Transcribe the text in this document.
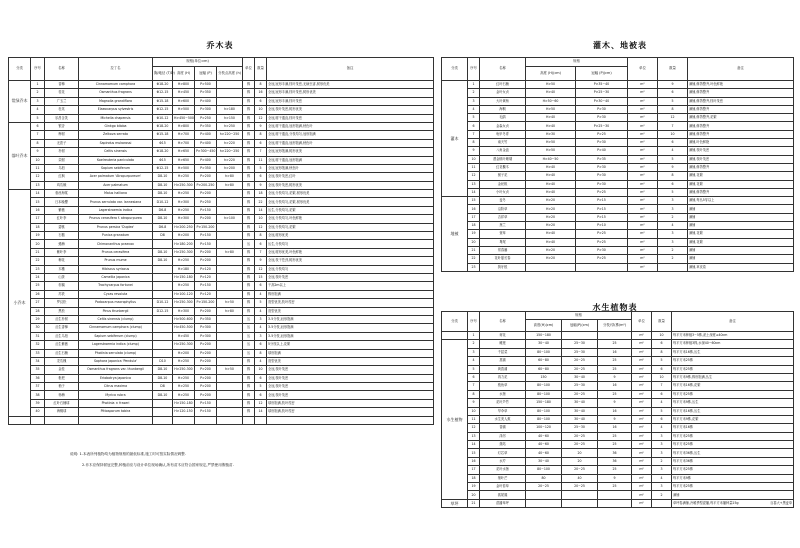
乔木表	灌木、地被表
水生植物表
分类	序号	名称	拉丁名	规格(单位:cm)				单位	数量	备注
				胸/地径 (T/D)	高度 (H)	冠幅 (P)	分枝点高度 (h)			
常绿乔木	1	香樟	Cinnamomum camphora	Φ18-20	H>800	P>500		株	8	全冠,冠形丰满,枝叶茂密,无病虫害,树形优美
	2	桂花	Osmanthus fragrans	Φ12-15	H>450	P>350		株	16	全冠,冠形丰满,枝叶茂密,树形优美
	3	广玉兰	Magnolia grandiflora	Φ15-18	H>600	P>400		株	6	全冠,冠形丰满,枝叶茂密
	4	杜英	Elaeocarpus sylvestris	Φ12-15	H>500	P>300	h>180	株	10	全冠,枝叶茂密,树形优美
	5	乐昌含笑	Michelia chapensis	Φ10-12	H>450~500	P>250	h>150	株	12	全冠,树干通直,枝叶茂密
落叶乔木	6	银杏	Ginkgo biloba	Φ18-20	H>800	P>350	h>250	株	9	全冠,树干通直,冠形饱满,秋色叶
	7	榉树	Zelkova serrata	Φ15-18	H>700	P>400	h>220~250	株	8	全冠,树干通直,分枝均匀,冠形饱满
	8	无患子	Sapindus mukorossi	Φ15	H>700	P>400	h>220	株	6	全冠,树干通直,冠形饱满,秋色叶
	9	朴树	Celtis sinensis	Φ18-20	H>650	P>300~450	h>220~250	株	7	全冠,冠形饱满,树形优美
	10	栾树	Koelreuteria paniculata	Φ15	H>650	P>400	h>220	株	11	全冠,树干通直,冠形饱满
	11	乌桕	Sapium sebiferum	Φ12-15	H>500	P>350	h>200	株	5	全冠,冠形饱满,秋色叶
	12	红枫	Acer palmatum 'Atropurpureum'	D8-10	H>250	P>200	h>80	株	6	全冠,枝叶茂密,红叶
	13	鸡爪槭	Acer palmatum	D8-10	H>250-300	P>200-250	h>80	株	9	全冠,枝叶茂密,树形优美
小乔木	14	垂丝海棠	Malus halliana	D8-10	H>250	P>200		株	18	全冠,分枝均匀,花繁,树形优美
	15	日本晚樱	Prunus serrulata var. lannesiana	D10-12	H>300	P>250		株	22	全冠,分枝均匀,花繁,树形优美
	16	紫薇	Lagerstroemia indica	D6-8	H>250	P>150		株	14	丛生,分枝均匀,花繁
	17	红叶李	Prunus cerasifera f. atropurpurea	D8-10	H>300	P>200	h>100	株	10	全冠,分枝均匀,叶色鲜艳
	18	碧桃	Prunus persica 'Duplex'	D6-8	H>200-250	P>150-200		株	12	全冠,分枝均匀,花繁
	19	石榴	Punica granatum	D8	H>200	P>150		株	8	全冠,树形优美
	20	蜡梅	Chimonanthus praecox		H>180-200	P>150		丛	6	丛生,分枝均匀
	21	紫叶李	Prunus cerasifera	D8-10	H>250-300	P>200	h>80	株	7	全冠,树形优美,叶色鲜艳
	22	梅花	Prunus mume	D8-10	H>250	P>200		株	9	全冠,枝干苍劲,树形优美
	23	木槿	Hibiscus syriacus		H>180	P>120		株	12	全冠,分枝均匀
	24	山茶	Camellia japonica		H>150-180	P>120		株	15	全冠,枝叶茂密
	25	棕榈	Trachycarpus fortunei		H>250	P>150		株	6	干高2m以上
	26	苏铁	Cycas revoluta		H>100-120	P>120		株	4	株形饱满
	27	罗汉松	Podocarpus macrophyllus	D10-12	H>250-300	P>150-200	h>50	株	5	造型优美,枝叶茂密
	28	黑松	Pinus thunbergii	D12-15	H>300	P>200	h>80	株	4	造型优美
	29	丛生朴树	Celtis sinensis (clump)		H>500-600	P>350		丛	3	3-5分枝,冠形饱满
	30	丛生香樟	Cinnamomum camphora (clump)		H>450-500	P>300		丛	4	3-5分枝,冠形饱满
	31	丛生乌桕	Sapium sebiferum (clump)		H>450	P>300		丛	3	3-5分枝,冠形饱满
	32	丛生紫薇	Lagerstroemia indica (clump)		H>250-300	P>200		丛	6	5分枝以上,花繁
	33	丛生石楠	Photinia serrulata (clump)		H>200	P>200		丛	8	球形饱满
	34	龙爪槐	Sophora japonica 'Pendula'	D10	H>250	P>200		株	4	造型优美
	35	金桂	Osmanthus fragrans var. thunbergii	D8-10	H>250-300	P>200	h>50	株	10	全冠,枝叶茂密
	36	枇杷	Eriobotrya japonica	D8-10	H>250	P>200		株	6	全冠,枝叶茂密
	37	柚子	Citrus maxima	D8	H>250	P>200		株	5	全冠,枝叶茂密
	38	杨梅	Myrica rubra	D8-10	H>250	P>200		株	6	全冠,枝叶茂密
	39	红叶石楠球	Photinia × fraseri		H>150-180	P>150		株	12	球形饱满,枝叶茂密
	40	海桐球	Pittosporum tobira		H>120-150	P>150		株	14	球形饱满,枝叶茂密

说明: 1.本表所列植物均为植物规格的最低标准,施工时可按实际情况调整.
2.乔木应保持树冠完整,种植前应与设计单位现场确认,所有苗木应符合国家规定,严禁使用假植苗.
分类	序号	名称	规格		单位	数量	备注
			高度 (H)(cm)	冠幅 (P)(cm)			
灌木	1	红叶石楠	H>50	P>35~40	m²	9	满铺,修剪整齐,叶色鲜艳
	2	金叶女贞	H>40	P>25~30	m²	6	满铺,修剪整齐
	3	大叶黄杨	H>50~60	P>30~40	m²	5	满铺,修剪整齐,枝叶茂密
	4	海桐	H>50	P>30	m²	8	满铺,修剪整齐
	5	毛鹃	H>40	P>30	m²	12	满铺,修剪整齐,花繁
	6	金森女贞	H>40	P>25~30	m²	7	满铺,修剪整齐
	7	龟甲冬青	H>30	P>25	m²	10	满铺,修剪整齐
	8	南天竹	H>50	P>30	m²	6	满铺,叶色鲜艳
	9	八角金盘	H>50	P>40	m²	4	满铺,枝叶茂密
	10	洒金桃叶珊瑚	H>40~50	P>35	m²	5	满铺,枝叶茂密
	11	红花檵木	H>40	P>30	m²	9	满铺,修剪整齐
	12	栀子花	H>40	P>30	m²	8	满铺,花繁
	13	金丝桃	H>40	P>30	m²	6	满铺,花繁
	14	小叶女贞	H>40	P>25	m²	5	满铺,修剪整齐
地被	15	麦冬	H>20	P>15	m²	3	满铺,每丛5芽以上
	16	沿阶草	H>20	P>15	m²	3	满铺
	17	吉祥草	H>20	P>15	m²	2	满铺
	18	葱兰	H>20	P>10	m²	4	满铺
	19	萱草	H>40	P>25	m²	3	满铺,花繁
	20	鸢尾	H>40	P>25	m²	3	满铺,花繁
	21	常春藤	H>20	P>30	m²	2	满铺
	22	花叶蔓长春	H>20	P>25	m²	2	满铺
	23	狗牙根			m²		满铺,草皮卷
分类	序号	名称	规格			单位	数量	备注
			高度(H)(cm)	冠幅(P)(cm)	分枝/芽(株/m²)			
	1	荷花	150~180			m²	10	每平方米种植3~5株,泥土深度≥40cm
水生植物	2	睡莲	30~40	25~30	25	m²	6	每平方米种植3株,水深40~60cm
	3	千屈菜	80~100	25~30	16	m²	8	每平方米16株,丛生
	4	菖蒲	60~80	20~25	25	m²	5	每平方米25株
	5	黄菖蒲	60~80	20~25	25	m²	6	每平方米25株
	6	再力花	150	30~40	9	m²	10	每平方米9株,株形饱满,丛生
	7	梭鱼草	80~100	25~30	16	m²	7	每平方米16株,花繁
	8	水葱	80~100	20~25	25	m²	6	每平方米25株
	9	花叶芦竹	150~180	30~40	9	m²	4	每平方米9株,丛生
	10	旱伞草	80~100	30~40	16	m²	5	每平方米16株,丛生
	11	水生美人蕉	80~100	30~40	9	m²	6	每平方米9株,花繁
	12	香蒲	100~120	25~30	16	m²	4	每平方米16株
	13	泽泻	40~60	20~25	25	m²	3	每平方米25株
	14	慈姑	40~60	20~25	25	m²	3	每平方米25株
	15	灯芯草	40~60	20	36	m²	3	每平方米36株,丛生
	16	水芹	30~40	20	36	m²	2	每平方米36株
	17	花叶水葱	80~100	20~25	25	m²	3	每平方米25株
	18	细叶芒	80	40	9	m²	4	每平方米9株
	19	金叶苔草	20~25	20~25	25	m²	3	每平方米25株
	20	狐尾藻				m²	2	满铺
草坪	21	混播草坪				m²		草坪卷满铺,冷暖季型混播,每平方米播种量25g 百慕大+黑麦草
